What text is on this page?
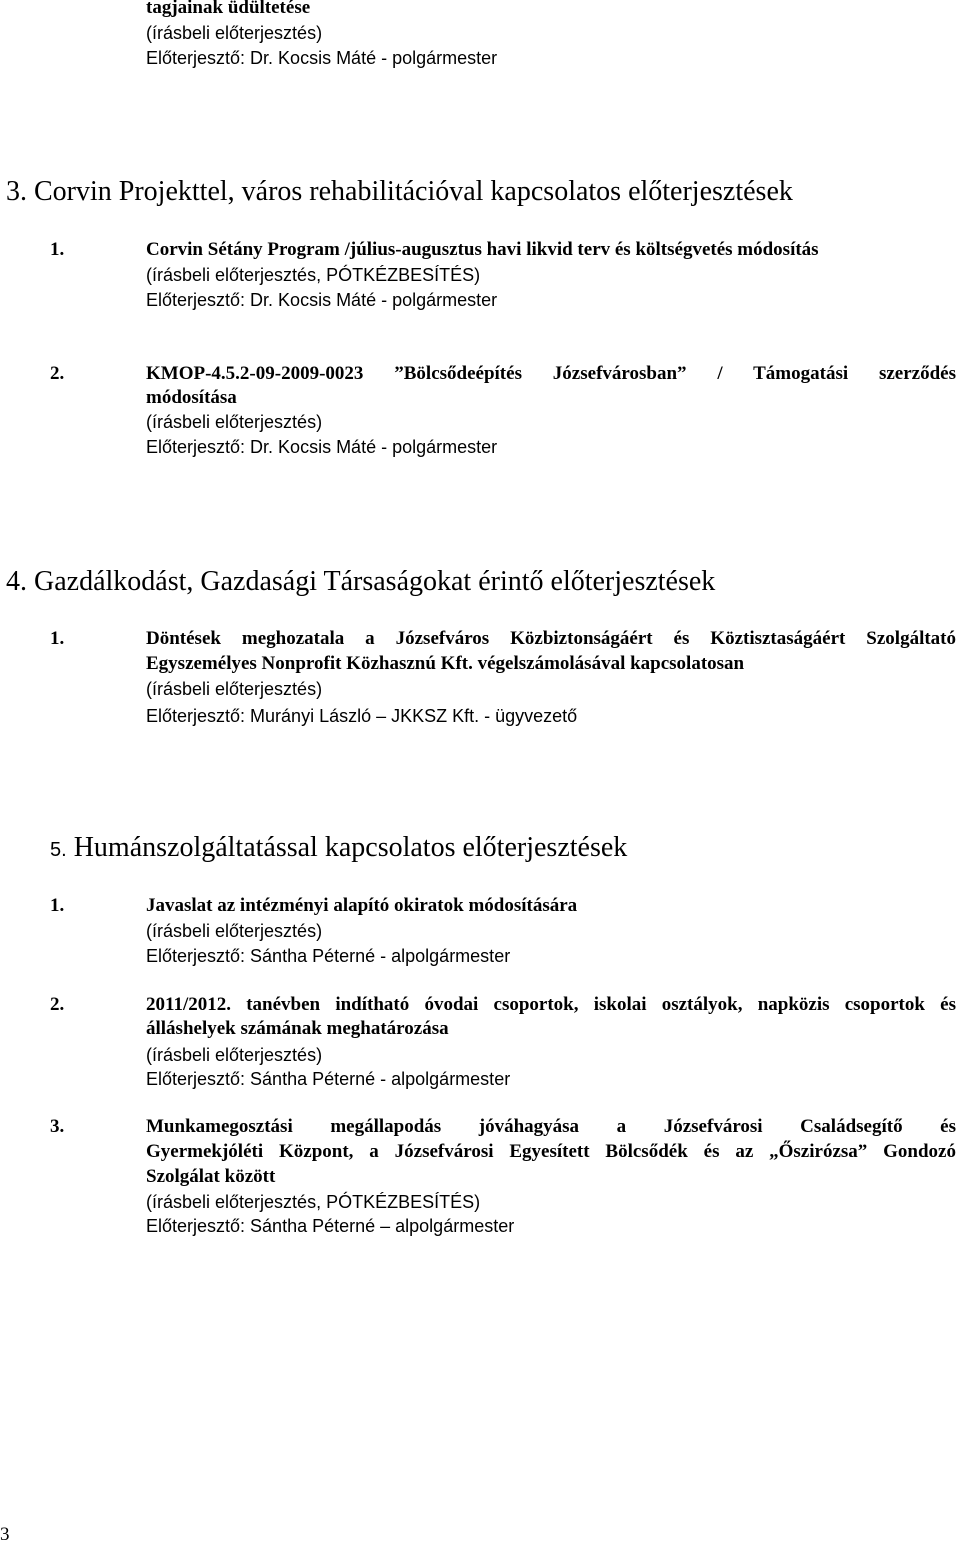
tagjainak üdültetése
(írásbeli előterjesztés)
Előterjesztő: Dr. Kocsis Máté - polgármester
3. Corvin Projekttel, város rehabilitációval kapcsolatos előterjesztések
1.	Corvin Sétány Program /július-augusztus havi likvid terv és költségvetés módosítás
(írásbeli előterjesztés, PÓTKÉZBESÍTÉS)
Előterjesztő: Dr. Kocsis Máté - polgármester
2.	KMOP-4.5.2-09-2009-0023 ”Bölcsődeépítés Józsefvárosban” / Támogatási szerződés
módosítása
(írásbeli előterjesztés)
Előterjesztő: Dr. Kocsis Máté - polgármester
4. Gazdálkodást, Gazdasági Társaságokat érintő előterjesztések
1.	Döntések meghozatala a Józsefváros Közbiztonságáért és Köztisztaságáért Szolgáltató
Egyszemélyes Nonprofit Közhasznú Kft. végelszámolásával kapcsolatosan
(írásbeli előterjesztés)
Előterjesztő: Murányi László – JKKSZ Kft. - ügyvezető
5. Humánszolgáltatással kapcsolatos előterjesztések
1.	Javaslat az intézményi alapító okiratok módosítására
(írásbeli előterjesztés)
Előterjesztő: Sántha Péterné - alpolgármester
2.	2011/2012. tanévben indítható óvodai csoportok, iskolai osztályok, napközis csoportok és
álláshelyek számának meghatározása
(írásbeli előterjesztés)
Előterjesztő: Sántha Péterné - alpolgármester
3.	Munkamegosztási megállapodás jóváhagyása a Józsefvárosi Családsegítő és
Gyermekjóléti Központ, a Józsefvárosi Egyesített Bölcsődék és az „Őszirózsa” Gondozó
Szolgálat között
(írásbeli előterjesztés, PÓTKÉZBESÍTÉS)
Előterjesztő: Sántha Péterné – alpolgármester
3
